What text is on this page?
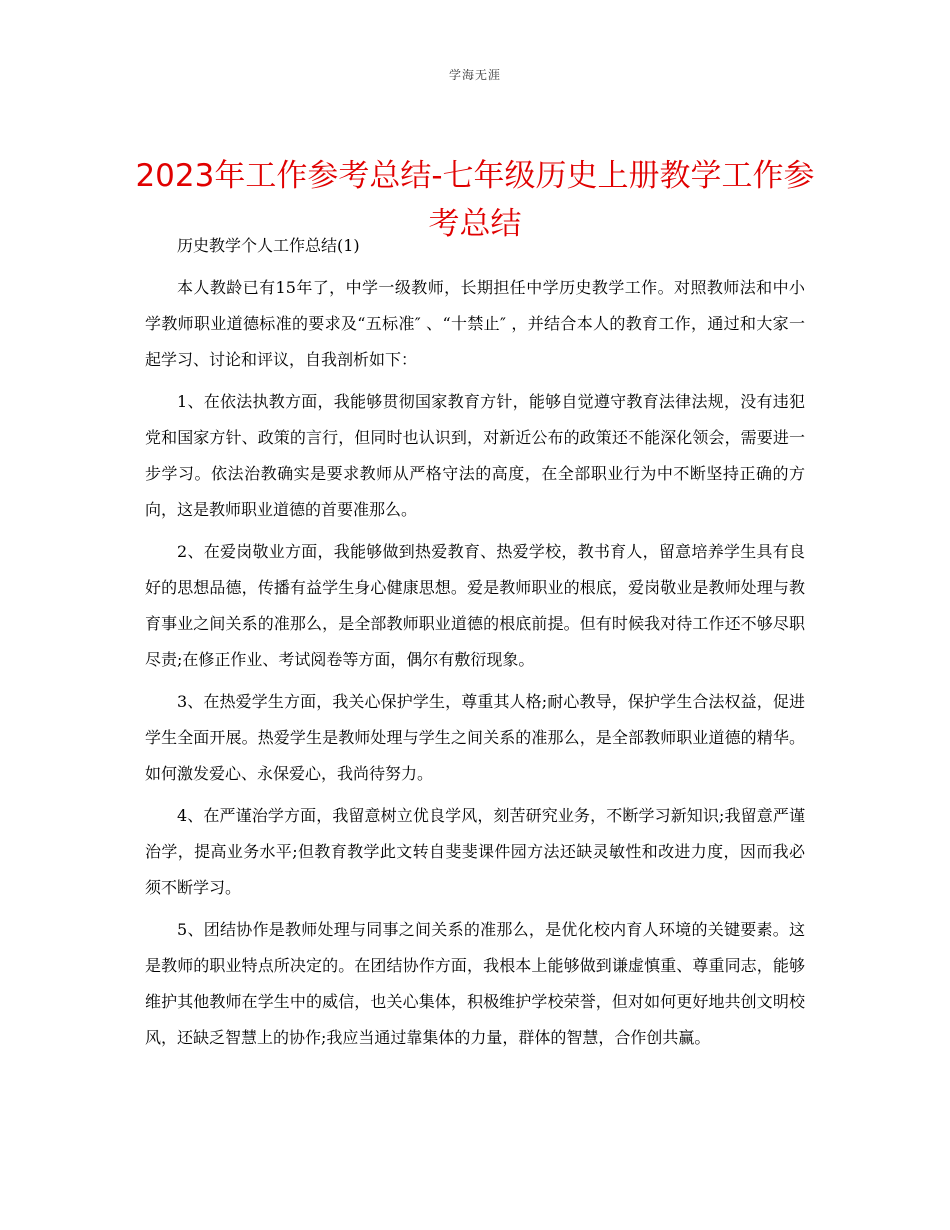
学海无涯
2023年工作参考总结-七年级历史上册教学工作参考总结

历史教学个人工作总结(1)

本人教龄已有15年了，中学一级教师，长期担任中学历史教学工作。对照教师法和中小学教师职业道德标准的要求及“五标准″ 、“十禁止″ ，并结合本人的教育工作，通过和大家一起学习、讨论和评议，自我剖析如下：

1、在依法执教方面，我能够贯彻国家教育方针，能够自觉遵守教育法律法规，没有违犯党和国家方针、政策的言行，但同时也认识到，对新近公布的政策还不能深化领会，需要进一步学习。依法治教确实是要求教师从严格守法的高度，在全部职业行为中不断坚持正确的方向，这是教师职业道德的首要准那么。

2、在爱岗敬业方面，我能够做到热爱教育、热爱学校，教书育人，留意培养学生具有良好的思想品德，传播有益学生身心健康思想。爱是教师职业的根底，爱岗敬业是教师处理与教育事业之间关系的准那么，是全部教师职业道德的根底前提。但有时候我对待工作还不够尽职尽责;在修正作业、考试阅卷等方面，偶尔有敷衍现象。

3、在热爱学生方面，我关心保护学生，尊重其人格;耐心教导，保护学生合法权益，促进学生全面开展。热爱学生是教师处理与学生之间关系的准那么，是全部教师职业道德的精华。如何激发爱心、永保爱心，我尚待努力。

4、在严谨治学方面，我留意树立优良学风，刻苦研究业务，不断学习新知识;我留意严谨治学，提高业务水平;但教育教学此文转自斐斐课件园方法还缺灵敏性和改进力度，因而我必须不断学习。

5、团结协作是教师处理与同事之间关系的准那么，是优化校内育人环境的关键要素。这是教师的职业特点所决定的。在团结协作方面，我根本上能够做到谦虚慎重、尊重同志，能够维护其他教师在学生中的威信，也关心集体，积极维护学校荣誉，但对如何更好地共创文明校风，还缺乏智慧上的协作;我应当通过靠集体的力量，群体的智慧，合作创共赢。
